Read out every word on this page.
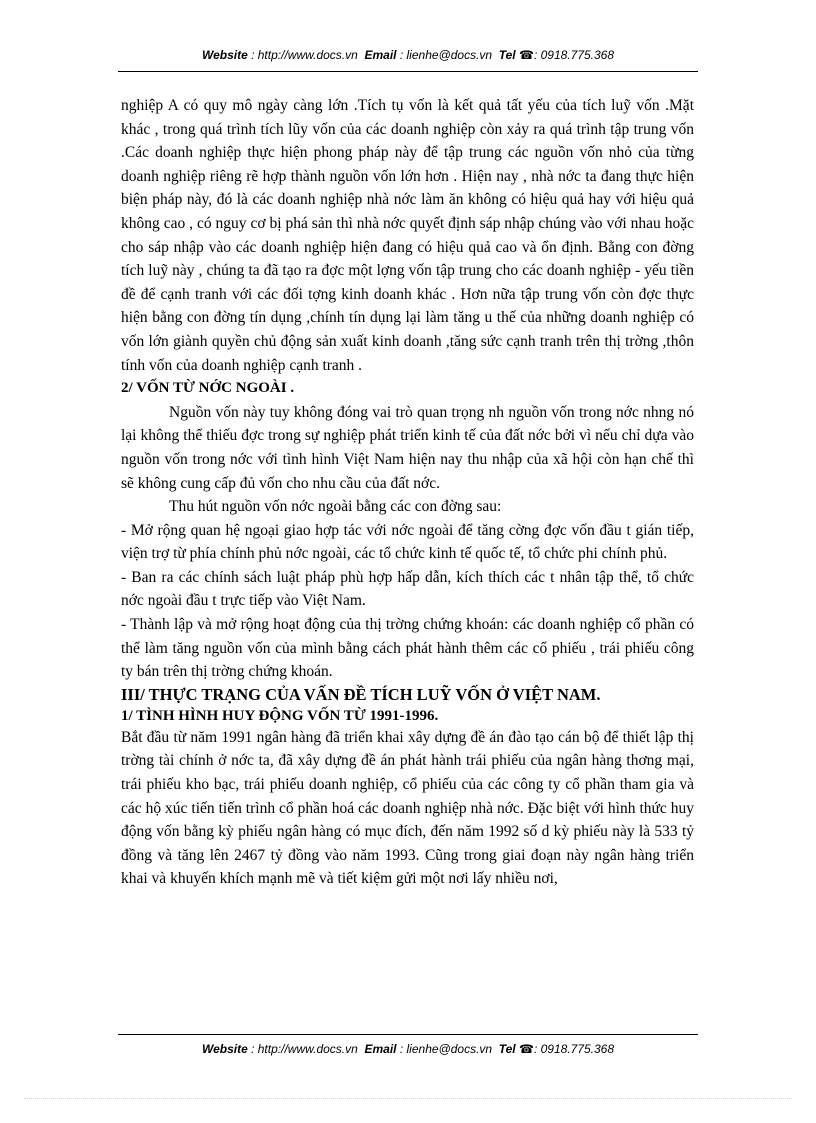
Website : http://www.docs.vn Email : lienhe@docs.vn Tel ☎: 0918.775.368

nghiệp A có quy mô ngày càng lớn .Tích tụ vốn là kết quả tất yếu của tích luỹ vốn .Mặt khác , trong quá trình tích lũy vốn của các doanh nghiệp còn xảy ra quá trình tập trung vốn .Các doanh nghiệp thực hiện phong pháp này để tập trung các nguồn vốn nhỏ của từng doanh nghiệp riêng rẽ hợp thành nguồn vốn lớn hơn . Hiện nay , nhà nớc ta đang thực hiện biện pháp này, đó là các doanh nghiệp nhà nớc làm ăn không có hiệu quả hay với hiệu quả không cao , có nguy cơ bị phá sản thì nhà nớc quyết định sáp nhập chúng vào với nhau hoặc cho sáp nhập vào các doanh nghiệp hiện đang có hiệu quả cao và ổn định. Bằng con đờng tích luỹ này , chúng ta đã tạo ra đợc một lợng vốn tập trung cho các doanh nghiệp - yếu tiền đề để cạnh tranh với các đối tợng kinh doanh khác . Hơn nữa tập trung vốn còn đợc thực hiện bằng con đờng tín dụng ,chính tín dụng lại làm tăng u thế của những doanh nghiệp có vốn lớn giành quyền chủ động sản xuất kinh doanh ,tăng sức cạnh tranh trên thị trờng ,thôn tính vốn của doanh nghiệp cạnh tranh .

2/ VỐN TỪ NỚC NGOÀI .

Nguồn vốn này tuy không đóng vai trò quan trọng nh nguồn vốn trong nớc nhng nó lại không thể thiếu đợc trong sự nghiệp phát triển kinh tế của đất nớc bởi vì nếu chỉ dựa vào nguồn vốn trong nớc với tình hình Việt Nam hiện nay thu nhập của xã hội còn hạn chế thì sẽ không cung cấp đủ vốn cho nhu cầu của đất nớc.

Thu hút nguồn vốn nớc ngoài bằng các con đờng sau:

- Mở rộng quan hệ ngoại giao hợp tác với nớc ngoài để tăng cờng đợc vốn đầu t gián tiếp, viện trợ từ phía chính phủ nớc ngoài, các tổ chức kinh tế quốc tế, tổ chức phi chính phủ.

- Ban ra các chính sách luật pháp phù hợp hấp dẫn, kích thích các t nhân tập thể, tổ chức nớc ngoài đầu t trực tiếp vào Việt Nam.

- Thành lập và mở rộng hoạt động của thị trờng chứng khoán: các doanh nghiệp cổ phần có thể làm tăng nguồn vốn của mình bằng cách phát hành thêm các cổ phiếu , trái phiếu công ty bán trên thị trờng chứng khoán.

III/ THỰC TRẠNG CỦA VẤN ĐỀ TÍCH LUỸ VỐN Ở VIỆT NAM.
1/ TÌNH HÌNH HUY ĐỘNG VỐN TỪ 1991-1996.

Bắt đầu từ năm 1991 ngân hàng đã triển khai xây dựng đề án đào tạo cán bộ để thiết lập thị trờng tài chính ở nớc ta, đã xây dựng đề án phát hành trái phiếu của ngân hàng thơng mại, trái phiếu kho bạc, trái phiếu doanh nghiệp, cổ phiếu của các công ty cổ phần tham gia và các hộ xúc tiến tiến trình cổ phần hoá các doanh nghiệp nhà nớc. Đặc biệt với hình thức huy động vốn bằng kỳ phiếu ngân hàng có mục đích, đến năm 1992 số d kỳ phiếu này là 533 tỷ đồng và tăng lên 2467 tỷ đồng vào năm 1993. Cũng trong giai đoạn này ngân hàng triển khai và khuyến khích mạnh mẽ và tiết kiệm gửi một nơi lấy nhiều nơi,

Website : http://www.docs.vn Email : lienhe@docs.vn Tel ☎: 0918.775.368
